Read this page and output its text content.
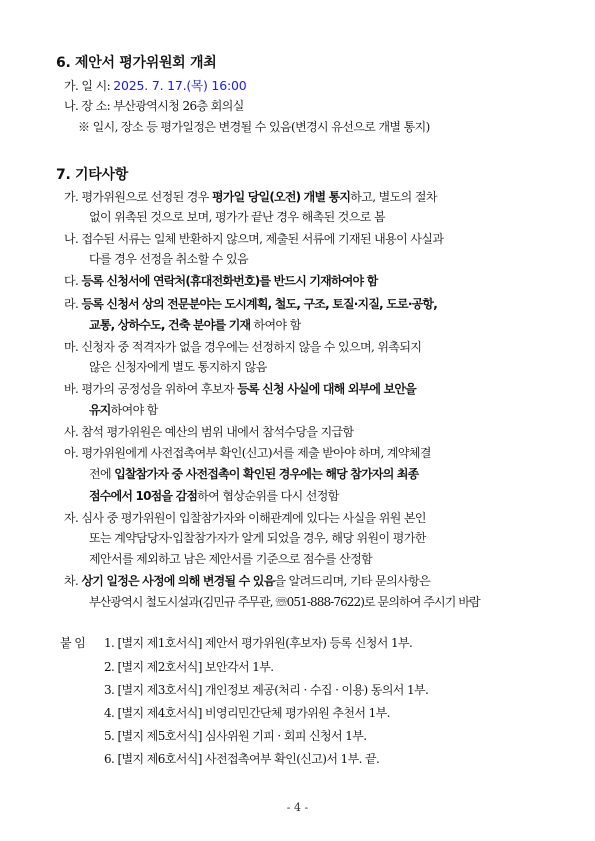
6. 제안서 평가위원회 개최
가. 일 시: 2025. 7. 17.(목) 16:00
나. 장 소: 부산광역시청 26층 회의실
※ 일시, 장소 등 평가일정은 변경될 수 있음(변경시 유선으로 개별 통지)
7. 기타사항
가. 평가위원으로 선정된 경우 평가일 당일(오전) 개별 통지하고, 별도의 절차
없이 위촉된 것으로 보며, 평가가 끝난 경우 해촉된 것으로 봄
나. 접수된 서류는 일체 반환하지 않으며, 제출된 서류에 기재된 내용이 사실과
다를 경우 선정을 취소할 수 있음
다. 등록 신청서에 연락처(휴대전화번호)를 반드시 기재하여야 함
라. 등록 신청서 상의 전문분야는 도시계획, 철도, 구조, 토질·지질, 도로·공항,
교통, 상하수도, 건축 분야를 기재 하여야 함
마. 신청자 중 적격자가 없을 경우에는 선정하지 않을 수 있으며, 위촉되지
않은 신청자에게 별도 통지하지 않음
바. 평가의 공정성을 위하여 후보자 등록 신청 사실에 대해 외부에 보안을
유지하여야 함
사. 참석 평가위원은 예산의 범위 내에서 참석수당을 지급함
아. 평가위원에게 사전접촉여부 확인(신고)서를 제출 받아야 하며, 계약체결
전에 입찰참가자 중 사전접촉이 확인된 경우에는 해당 참가자의 최종
점수에서 10점을 감점하여 협상순위를 다시 선정함
자. 심사 중 평가위원이 입찰참가자와 이해관계에 있다는 사실을 위원 본인
또는 계약담당자·입찰참가자가 알게 되었을 경우, 해당 위원이 평가한
제안서를 제외하고 남은 제안서를 기준으로 점수를 산정함
차. 상기 일정은 사정에 의해 변경될 수 있음을 알려드리며, 기타 문의사항은
부산광역시 철도시설과(김민규 주무관, ☏051-888-7622)로 문의하여 주시기 바람
붙 임 1. [별지 제1호서식] 제안서 평가위원(후보자) 등록 신청서 1부.
2. [별지 제2호서식] 보안각서 1부.
3. [별지 제3호서식] 개인정보 제공(처리 · 수집 · 이용) 동의서 1부.
4. [별지 제4호서식] 비영리민간단체 평가위원 추천서 1부.
5. [별지 제5호서식] 심사위원 기피 · 회피 신청서 1부.
6. [별지 제6호서식] 사전접촉여부 확인(신고)서 1부. 끝.
- 4 -
